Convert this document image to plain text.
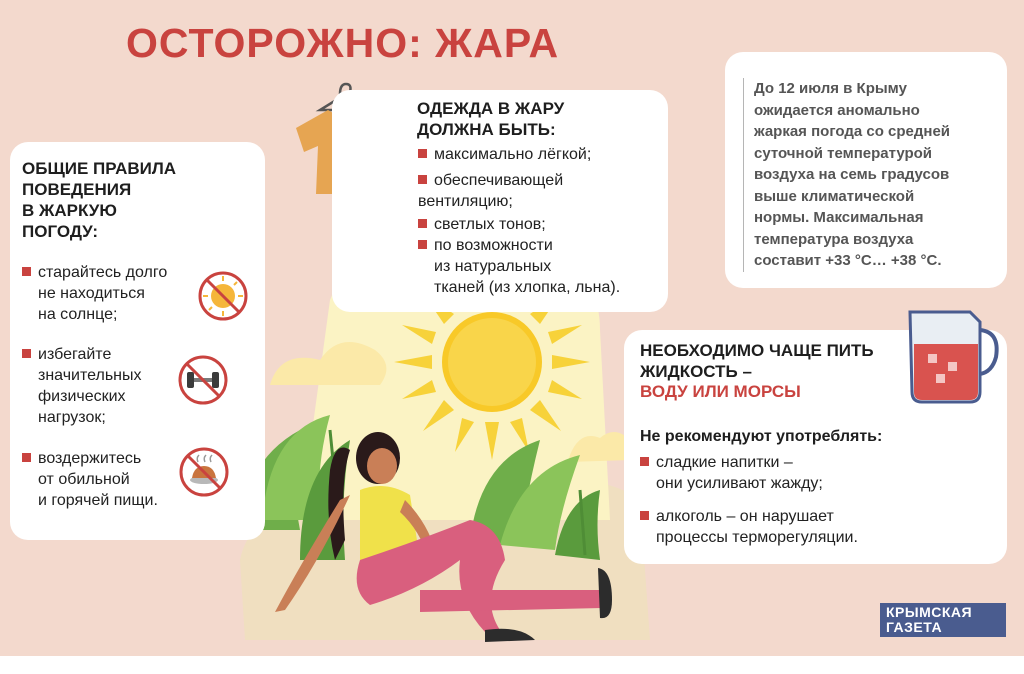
ОСТОРОЖНО: ЖАРА
ОБЩИЕ ПРАВИЛА
ПОВЕДЕНИЯ
В ЖАРКУЮ
ПОГОДУ:
старайтесь долго
не находиться
на солнце;
избегайте
значительных
физических
нагрузок;
воздержитесь
от обильной
и горячей пищи.
ОДЕЖДА В ЖАРУ
ДОЛЖНА БЫТЬ:
максимально лёгкой;
обеспечивающей
вентиляцию;
светлых тонов;
по возможности
из натуральных
тканей (из хлопка, льна).
До 12 июля в Крыму
ожидается аномально
жаркая погода со средней
суточной температурой
воздуха на семь градусов
выше климатической
нормы. Максимальная
температура воздуха
составит +33 °С… +38 °С.
НЕОБХОДИМО ЧАЩЕ ПИТЬ
ЖИДКОСТЬ –
ВОДУ ИЛИ МОРСЫ
Не рекомендуют употреблять:
сладкие напитки –
они усиливают жажду;
алкоголь – он нарушает
процессы терморегуляции.
КРЫМСКАЯ
ГАЗЕТА
